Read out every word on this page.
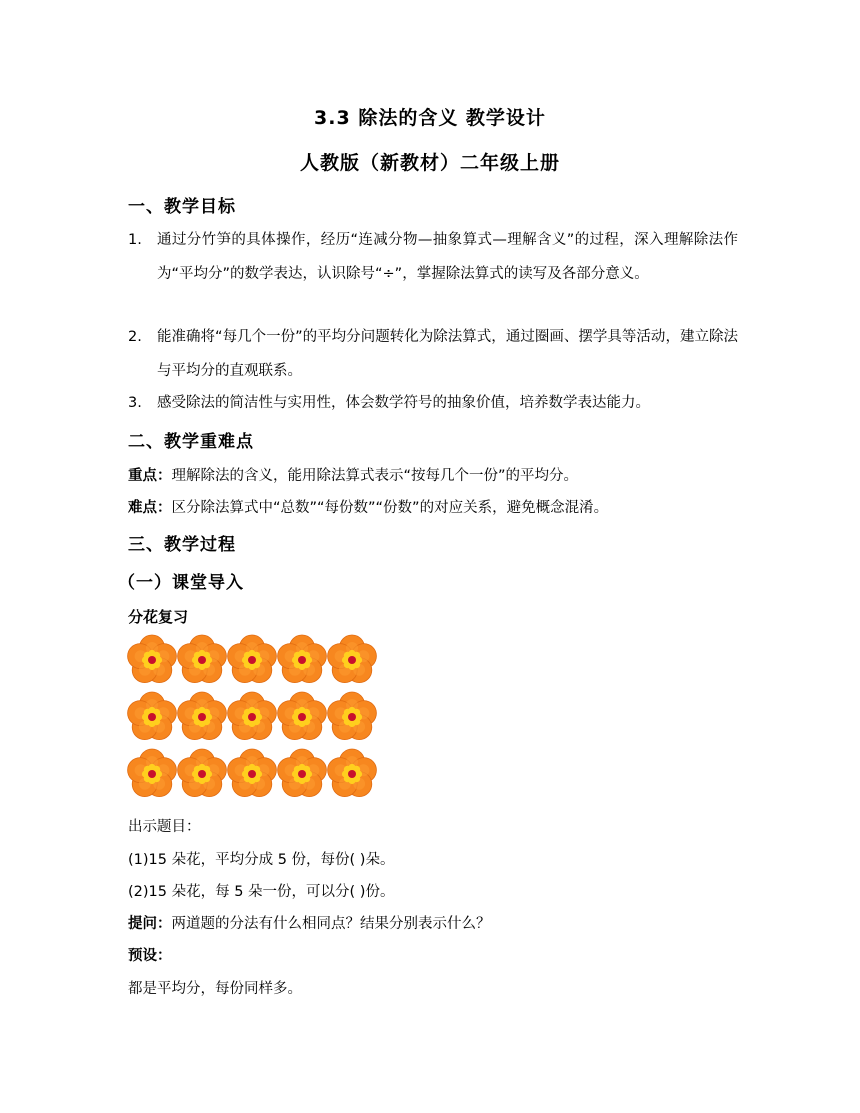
3.3 除法的含义 教学设计
人教版（新教材）二年级上册
一、教学目标
1.	通过分竹笋的具体操作，经历“连减分物—抽象算式—理解含义”的过程，深入理解除法作为“平均分”的数学表达，认识除号“÷”，掌握除法算式的读写及各部分意义。
2.	能准确将“每几个一份”的平均分问题转化为除法算式，通过圈画、摆学具等活动，建立除法与平均分的直观联系。
3.	感受除法的简洁性与实用性，体会数学符号的抽象价值，培养数学表达能力。
二、教学重难点
重点：理解除法的含义，能用除法算式表示“按每几个一份”的平均分。
难点：区分除法算式中“总数”“每份数”“份数”的对应关系，避免概念混淆。
三、教学过程
（一）课堂导入
分花复习
出示题目：
(1)15 朵花，平均分成 5 份，每份( )朵。
(2)15 朵花，每 5 朵一份，可以分( )份。
提问：两道题的分法有什么相同点？结果分别表示什么？
预设：
都是平均分，每份同样多。
